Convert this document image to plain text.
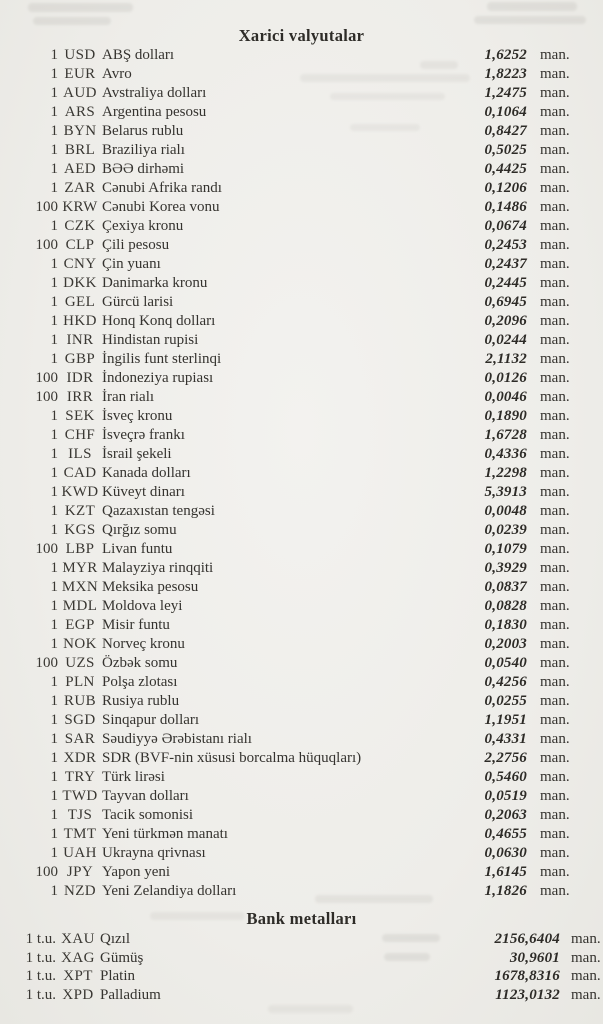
Xarici valyutalar
1 USD ABŞ dolları	1,6252 man.
1 EUR Avro	1,8223 man.
1 AUD Avstraliya dolları	1,2475 man.
1 ARS Argentina pesosu	0,1064 man.
1 BYN Belarus rublu	0,8427 man.
1 BRL Braziliya rialı	0,5025 man.
1 AED BƏƏ dirhəmi	0,4425 man.
1 ZAR Cənubi Afrika randı	0,1206 man.
100 KRW Cənubi Korea vonu	0,1486 man.
1 CZK Çexiya kronu	0,0674 man.
100 CLP Çili pesosu	0,2453 man.
1 CNY Çin yuanı	0,2437 man.
1 DKK Danimarka kronu	0,2445 man.
1 GEL Gürcü larisi	0,6945 man.
1 HKD Honq Konq dolları	0,2096 man.
1 INR Hindistan rupisi	0,0244 man.
1 GBP İngilis funt sterlinqi	2,1132 man.
100 IDR İndoneziya rupiası	0,0126 man.
100 IRR İran rialı	0,0046 man.
1 SEK İsveç kronu	0,1890 man.
1 CHF İsveçrə frankı	1,6728 man.
1 ILS İsrail şekeli	0,4336 man.
1 CAD Kanada dolları	1,2298 man.
1 KWD Küveyt dinarı	5,3913 man.
1 KZT Qazaxıstan tengəsi	0,0048 man.
1 KGS Qırğız somu	0,0239 man.
100 LBP Livan funtu	0,1079 man.
1 MYR Malayziya rinqqiti	0,3929 man.
1 MXN Meksika pesosu	0,0837 man.
1 MDL Moldova leyi	0,0828 man.
1 EGP Misir funtu	0,1830 man.
1 NOK Norveç kronu	0,2003 man.
100 UZS Özbək somu	0,0540 man.
1 PLN Polşa zlotası	0,4256 man.
1 RUB Rusiya rublu	0,0255 man.
1 SGD Sinqapur dolları	1,1951 man.
1 SAR Səudiyyə Ərəbistanı rialı	0,4331 man.
1 XDR SDR (BVF-nin xüsusi borcalma hüquqları)	2,2756 man.
1 TRY Türk lirəsi	0,5460 man.
1 TWD Tayvan dolları	0,0519 man.
1 TJS Tacik somonisi	0,2063 man.
1 TMT Yeni türkmən manatı	0,4655 man.
1 UAH Ukrayna qrivnası	0,0630 man.
100 JPY Yapon yeni	1,6145 man.
1 NZD Yeni Zelandiya dolları	1,1826 man.
Bank metalları
1 t.u. XAU Qızıl	2156,6404 man.
1 t.u. XAG Gümüş	30,9601 man.
1 t.u. XPT Platin	1678,8316 man.
1 t.u. XPD Palladium	1123,0132 man.
